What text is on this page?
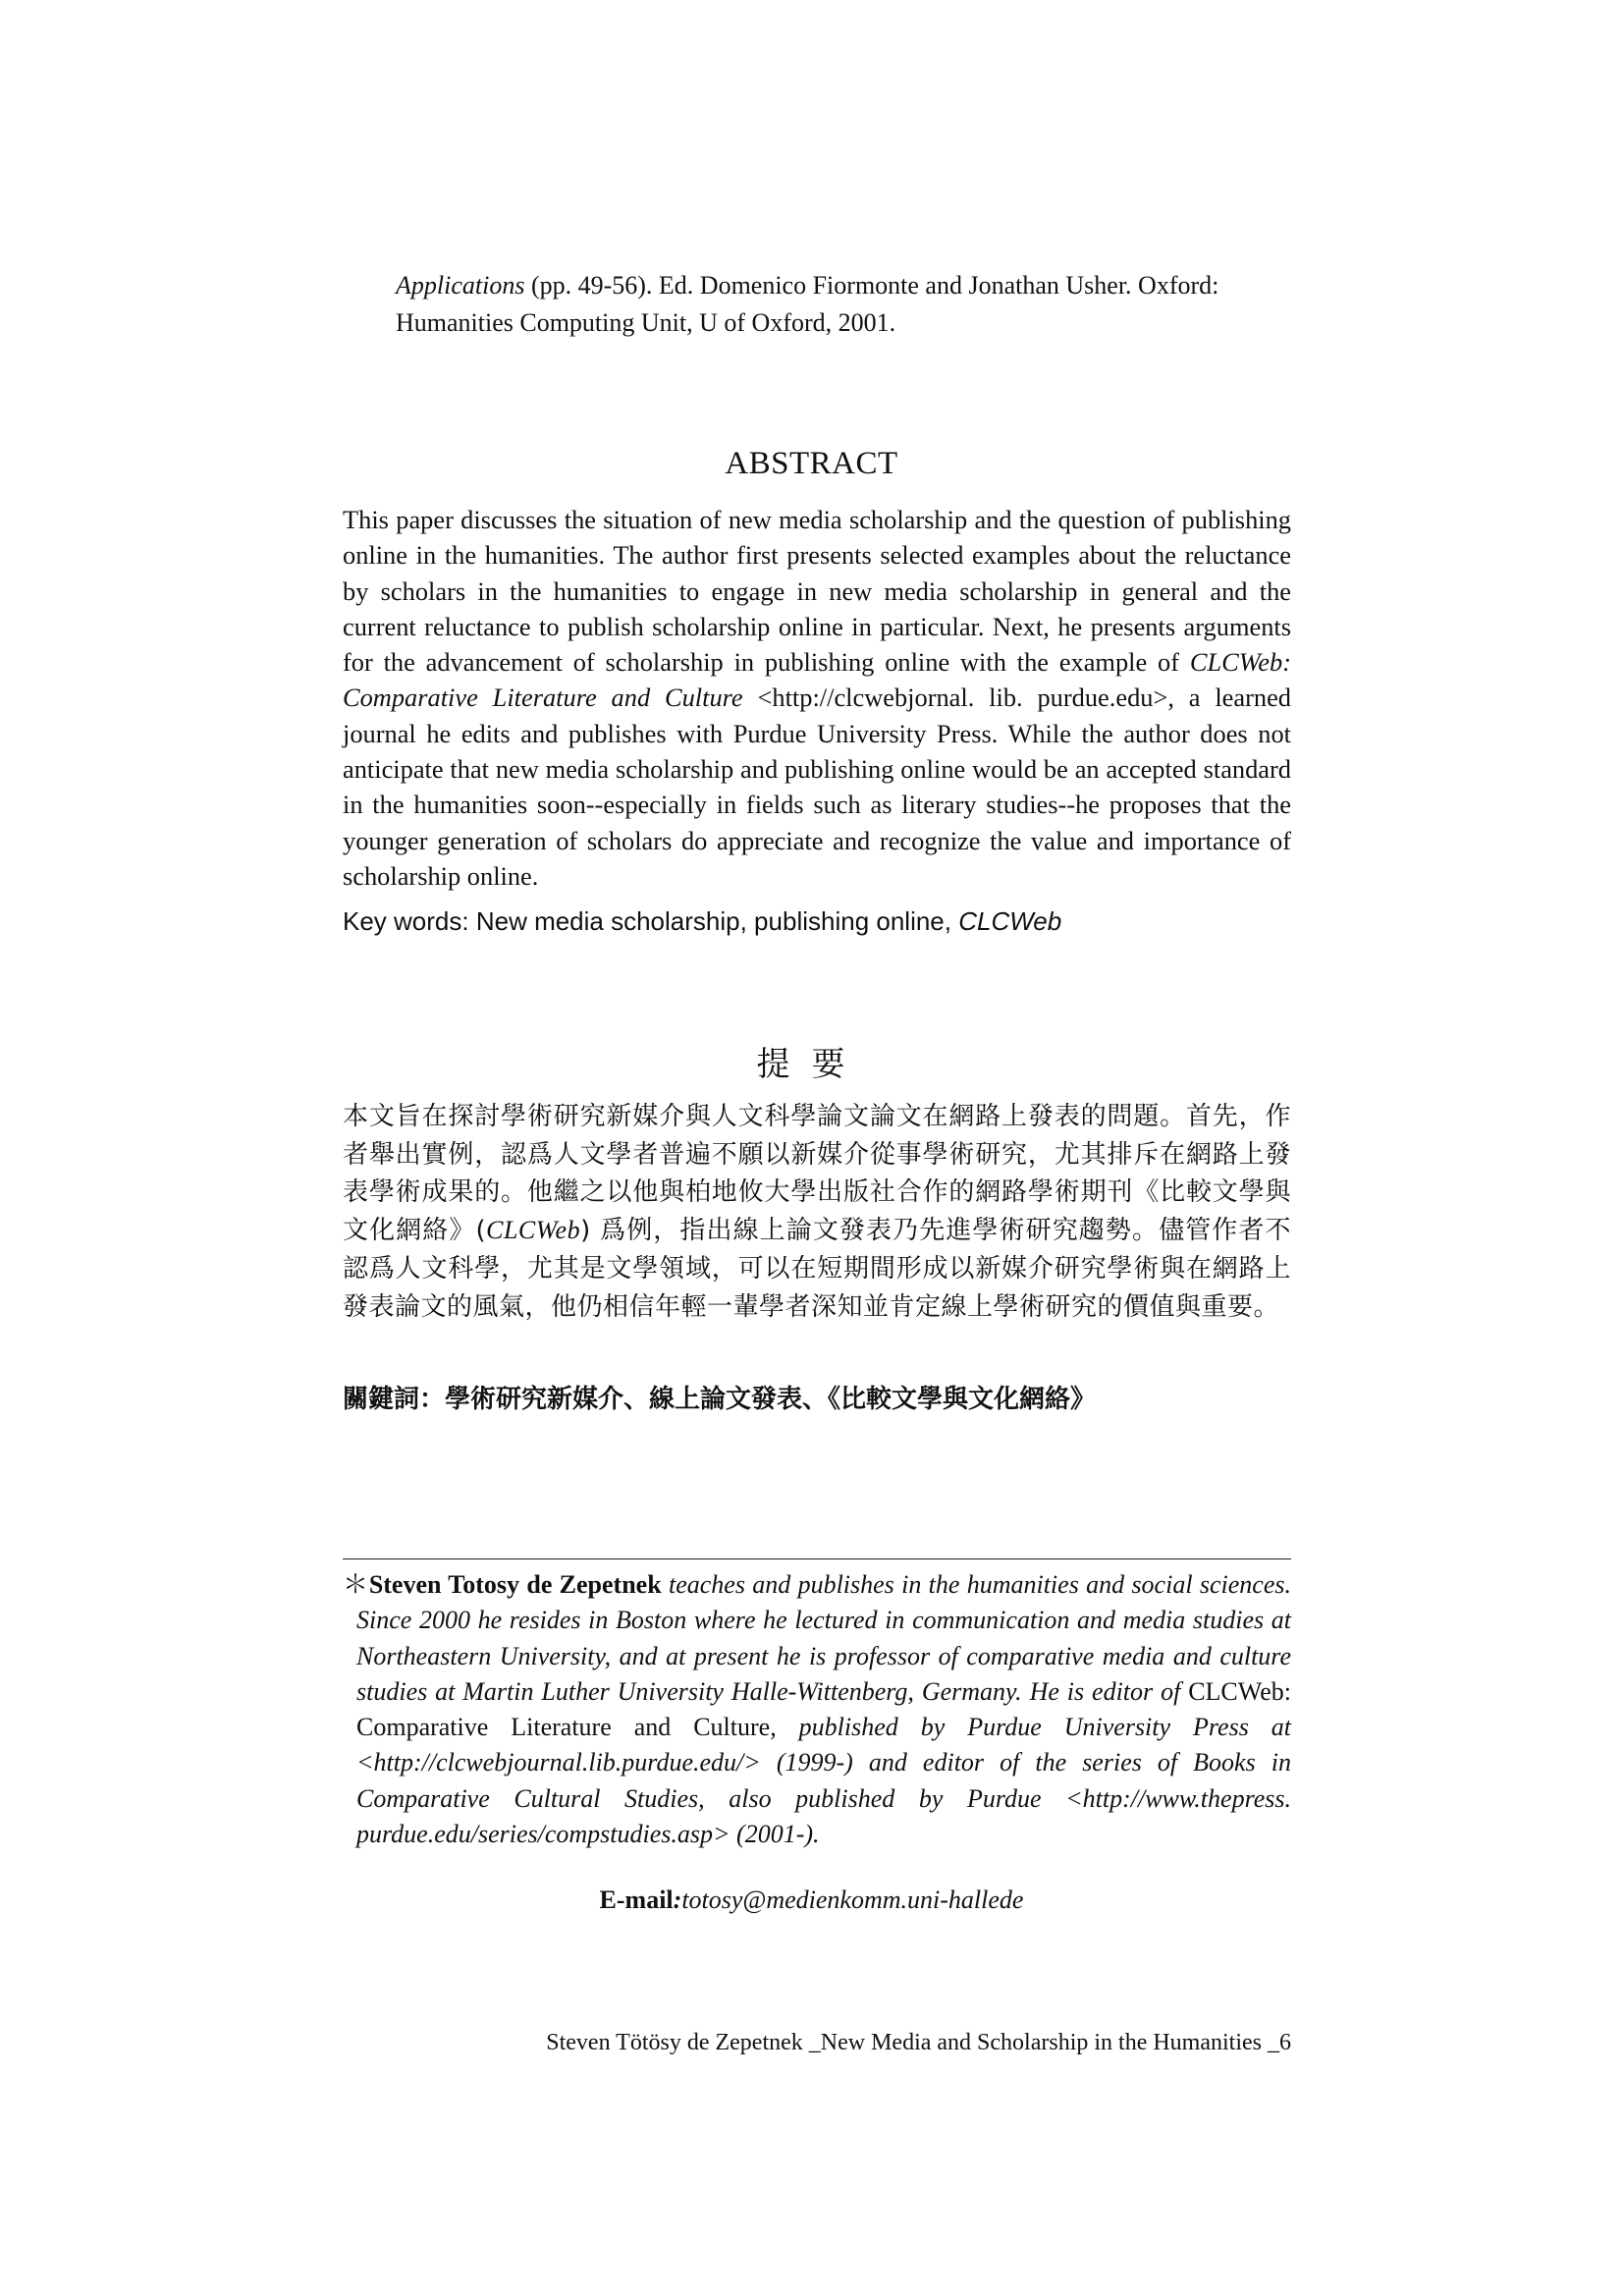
Applications (pp. 49-56). Ed. Domenico Fiormonte and Jonathan Usher. Oxford:
Humanities Computing Unit, U of Oxford, 2001.
ABSTRACT
This paper discusses the situation of new media scholarship and the question of publishing online in the humanities. The author first presents selected examples about the reluctance by scholars in the humanities to engage in new media scholarship in general and the current reluctance to publish scholarship online in particular. Next, he presents arguments for the advancement of scholarship in publishing online with the example of CLCWeb: Comparative Literature and Culture <http://clcwebjornal. lib. purdue.edu>, a learned journal he edits and publishes with Purdue University Press. While the author does not anticipate that new media scholarship and publishing online would be an accepted standard in the humanities soon--especially in fields such as literary studies--he proposes that the younger generation of scholars do appreciate and recognize the value and importance of scholarship online.
Key words: New media scholarship, publishing online, CLCWeb
提要
本文旨在探討學術研究新媒介與人文科學論文論文在網路上發表的問題。首先，作者舉出實例，認爲人文學者普遍不願以新媒介從事學術研究，尤其排斥在網路上發表學術成果的。他繼之以他與柏地攸大學出版社合作的網路學術期刊《比較文學與文化網絡》(CLCWeb) 爲例，指出線上論文發表乃先進學術研究趨勢。儘管作者不認爲人文科學，尤其是文學領域，可以在短期間形成以新媒介研究學術與在網路上發表論文的風氣，他仍相信年輕一輩學者深知並肯定線上學術研究的價值與重要。
關鍵詞：學術研究新媒介、線上論文發表、《比較文學與文化網絡》
＊Steven Totosy de Zepetnek teaches and publishes in the humanities and social sciences. Since 2000 he resides in Boston where he lectured in communication and media studies at Northeastern University, and at present he is professor of comparative media and culture studies at Martin Luther University Halle-Wittenberg, Germany. He is editor of CLCWeb: Comparative Literature and Culture, published by Purdue University Press at <http://clcwebjournal.lib.purdue.edu/> (1999-) and editor of the series of Books in Comparative Cultural Studies, also published by Purdue <http://www.thepress. purdue.edu/series/compstudies.asp> (2001-).
E-mail:totosy@medienkomm.uni-hallede
Steven Tötösy de Zepetnek _New Media and Scholarship in the Humanities _6
